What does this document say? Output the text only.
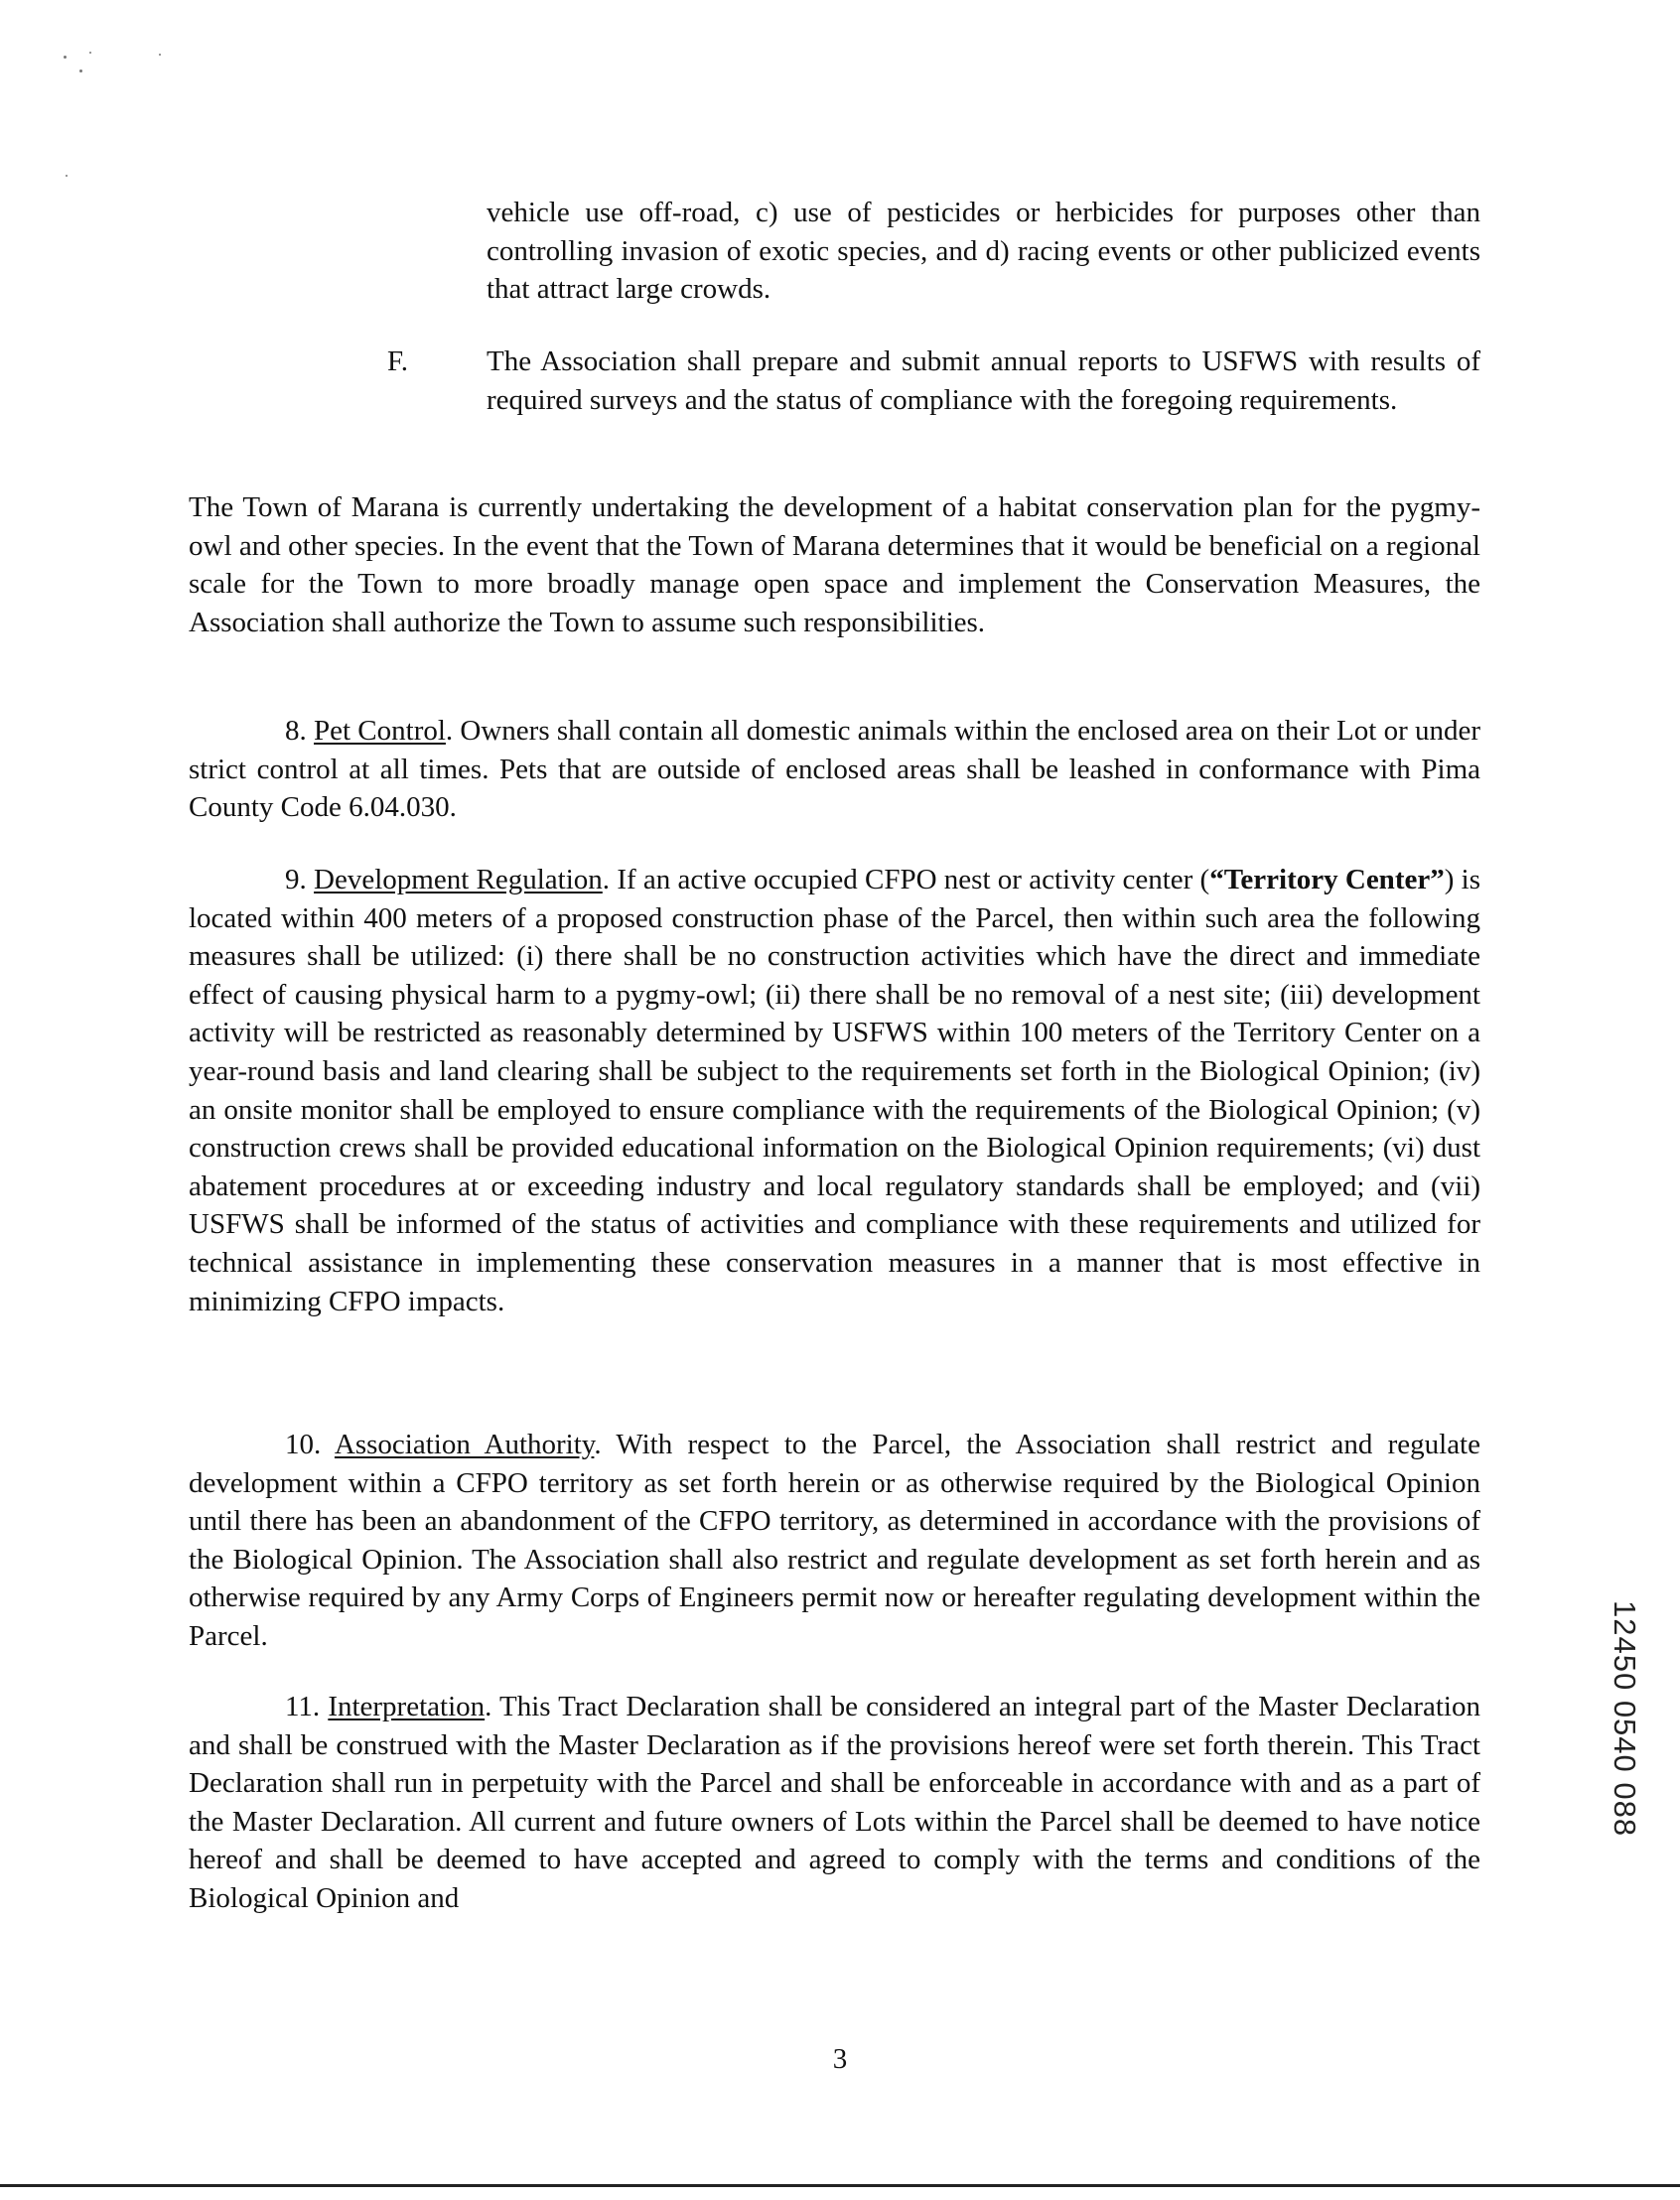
vehicle use off-road, c) use of pesticides or herbicides for purposes other than controlling invasion of exotic species, and d) racing events or other publicized events that attract large crowds.

F.	The Association shall prepare and submit annual reports to USFWS with results of required surveys and the status of compliance with the foregoing requirements.

The Town of Marana is currently undertaking the development of a habitat conservation plan for the pygmy-owl and other species. In the event that the Town of Marana determines that it would be beneficial on a regional scale for the Town to more broadly manage open space and implement the Conservation Measures, the Association shall authorize the Town to assume such responsibilities.

8. Pet Control. Owners shall contain all domestic animals within the enclosed area on their Lot or under strict control at all times. Pets that are outside of enclosed areas shall be leashed in conformance with Pima County Code 6.04.030.

9. Development Regulation. If an active occupied CFPO nest or activity center (“Territory Center”) is located within 400 meters of a proposed construction phase of the Parcel, then within such area the following measures shall be utilized: (i) there shall be no construction activities which have the direct and immediate effect of causing physical harm to a pygmy-owl; (ii) there shall be no removal of a nest site; (iii) development activity will be restricted as reasonably determined by USFWS within 100 meters of the Territory Center on a year-round basis and land clearing shall be subject to the requirements set forth in the Biological Opinion; (iv) an onsite monitor shall be employed to ensure compliance with the requirements of the Biological Opinion; (v) construction crews shall be provided educational information on the Biological Opinion requirements; (vi) dust abatement procedures at or exceeding industry and local regulatory standards shall be employed; and (vii) USFWS shall be informed of the status of activities and compliance with these requirements and utilized for technical assistance in implementing these conservation measures in a manner that is most effective in minimizing CFPO impacts.

10. Association Authority. With respect to the Parcel, the Association shall restrict and regulate development within a CFPO territory as set forth herein or as otherwise required by the Biological Opinion until there has been an abandonment of the CFPO territory, as determined in accordance with the provisions of the Biological Opinion. The Association shall also restrict and regulate development as set forth herein and as otherwise required by any Army Corps of Engineers permit now or hereafter regulating development within the Parcel.

11. Interpretation. This Tract Declaration shall be considered an integral part of the Master Declaration and shall be construed with the Master Declaration as if the provisions hereof were set forth therein. This Tract Declaration shall run in perpetuity with the Parcel and shall be enforceable in accordance with and as a part of the Master Declaration. All current and future owners of Lots within the Parcel shall be deemed to have notice hereof and shall be deemed to have accepted and agreed to comply with the terms and conditions of the Biological Opinion and

12450 0540 088
3
